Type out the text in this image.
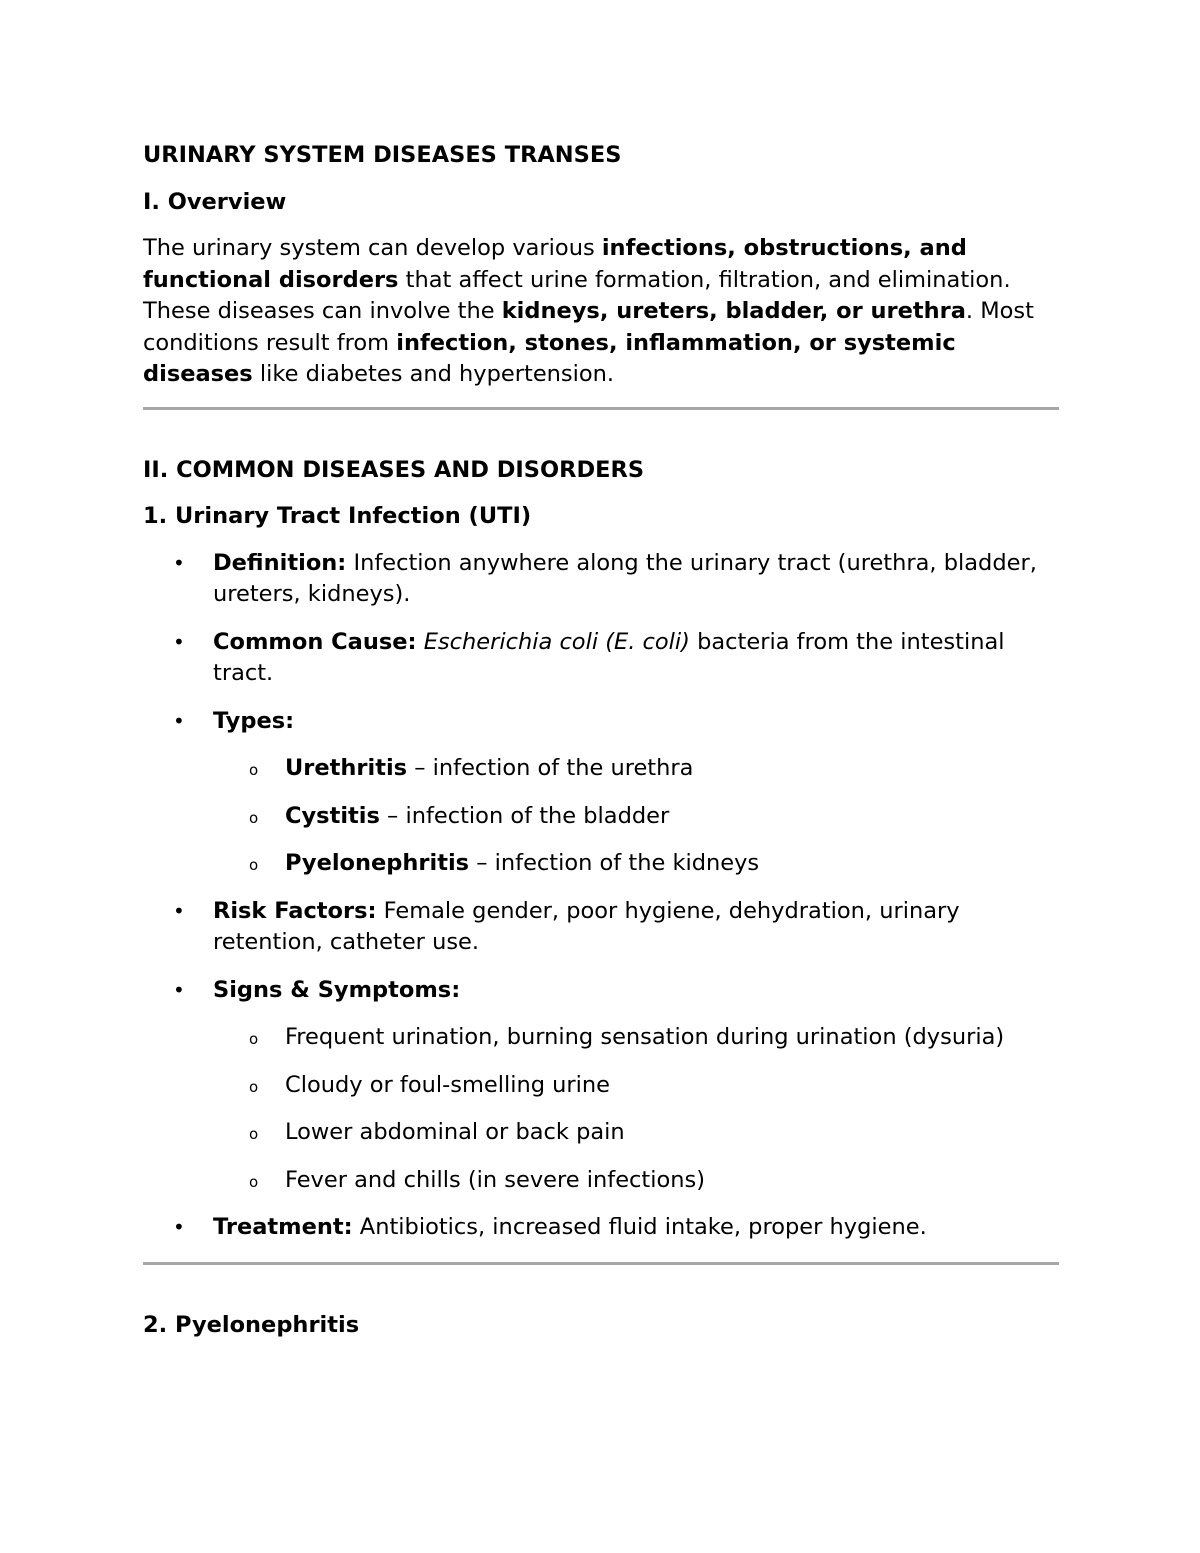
URINARY SYSTEM DISEASES TRANSES
I. Overview

The urinary system can develop various infections, obstructions, and functional disorders that affect urine formation, filtration, and elimination. These diseases can involve the kidneys, ureters, bladder, or urethra. Most conditions result from infection, stones, inflammation, or systemic diseases like diabetes and hypertension.

II. COMMON DISEASES AND DISORDERS
1. Urinary Tract Infection (UTI)
• Definition: Infection anywhere along the urinary tract (urethra, bladder, ureters, kidneys).
• Common Cause: Escherichia coli (E. coli) bacteria from the intestinal tract.
• Types:
o Urethritis – infection of the urethra
o Cystitis – infection of the bladder
o Pyelonephritis – infection of the kidneys
• Risk Factors: Female gender, poor hygiene, dehydration, urinary retention, catheter use.
• Signs & Symptoms:
o Frequent urination, burning sensation during urination (dysuria)
o Cloudy or foul-smelling urine
o Lower abdominal or back pain
o Fever and chills (in severe infections)
• Treatment: Antibiotics, increased fluid intake, proper hygiene.
2. Pyelonephritis
